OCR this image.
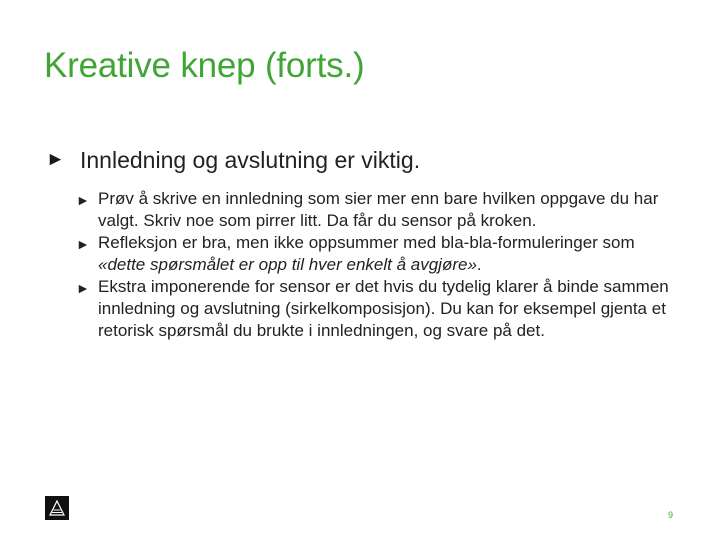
Kreative knep (forts.)
► Innledning og avslutning er viktig.
► Prøv å skrive en innledning som sier mer enn bare hvilken oppgave du har valgt. Skriv noe som pirrer litt. Da får du sensor på kroken.
► Refleksjon er bra, men ikke oppsummer med bla-bla-formuleringer som «dette spørsmålet er opp til hver enkelt å avgjøre».
► Ekstra imponerende for sensor er det hvis du tydelig klarer å binde sammen innledning og avslutning (sirkelkomposisjon). Du kan for eksempel gjenta et retorisk spørsmål du brukte i innledningen, og svare på det.
9
